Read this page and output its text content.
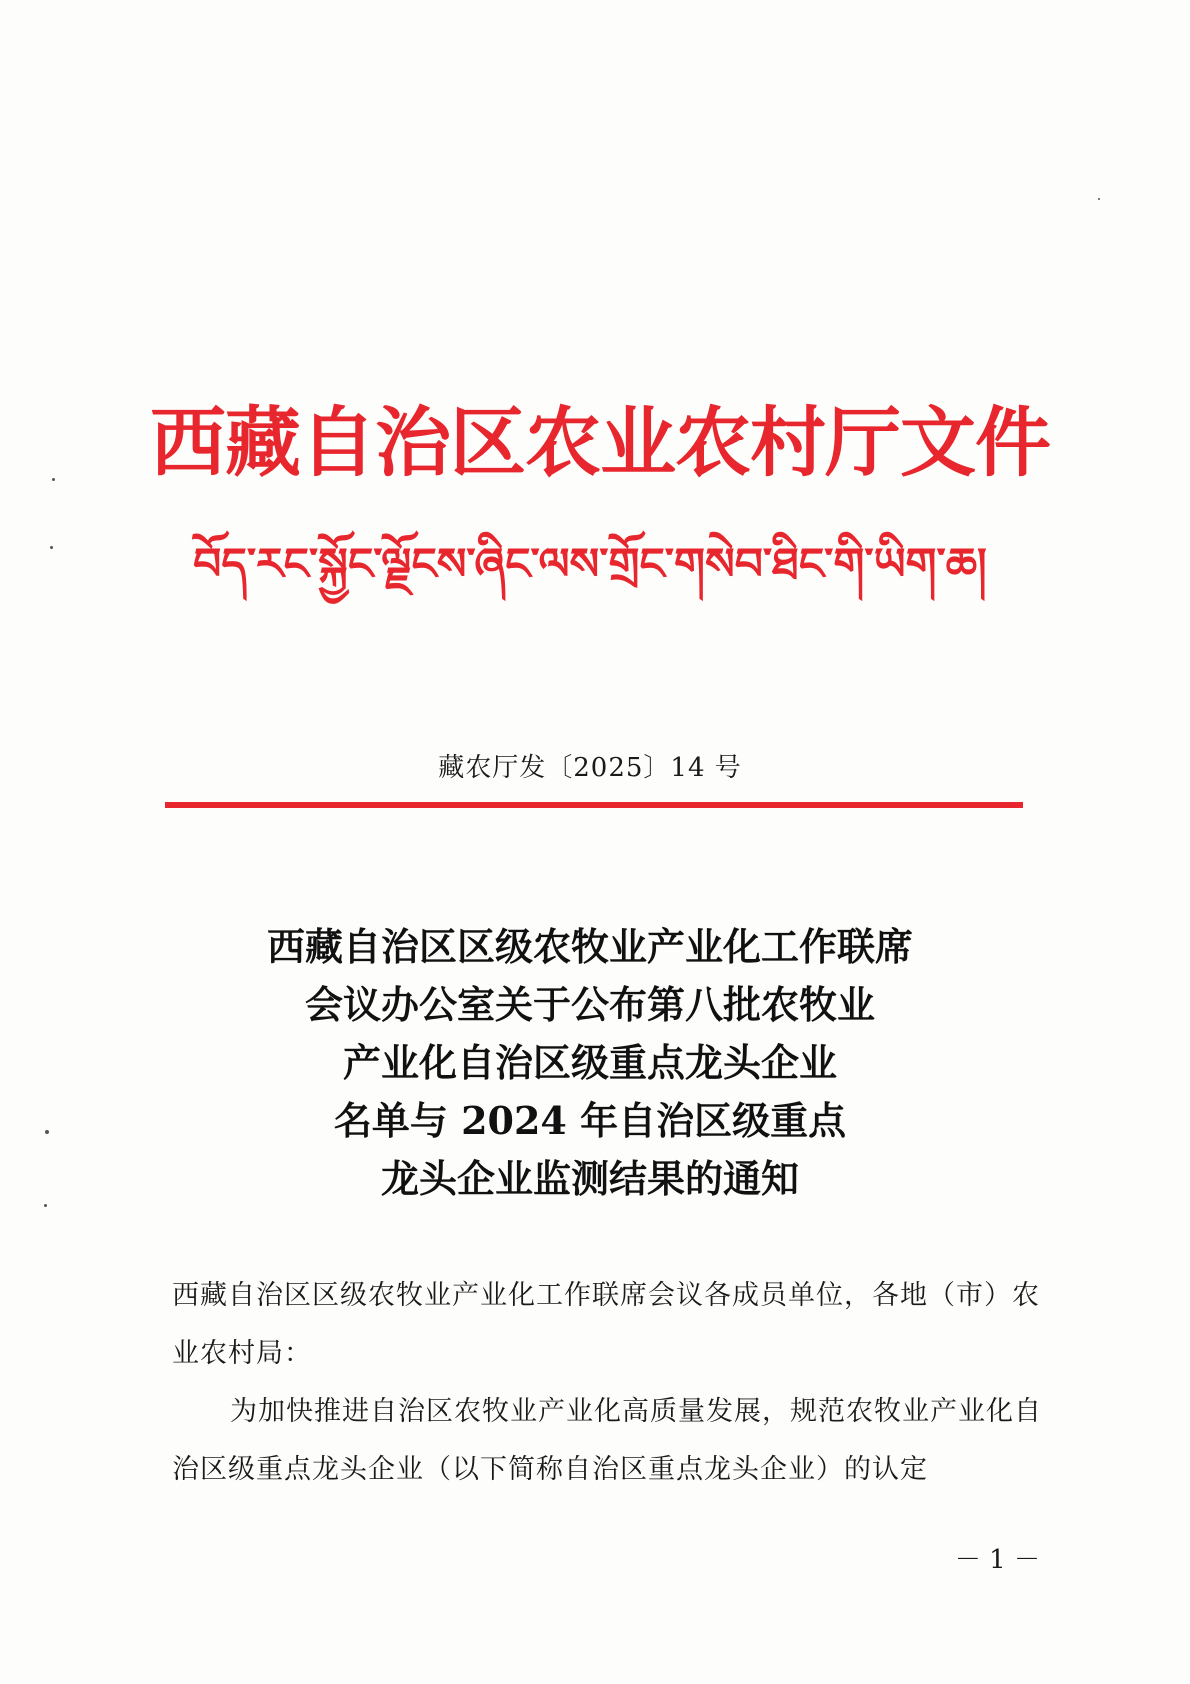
西藏自治区农业农村厅文件
བོད་རང་སྐྱོང་ལྗོངས་ཞིང་ལས་གྲོང་གསེབ་ཐིང་གི་ཡིག་ཆ།
藏农厅发〔2025〕14 号
西藏自治区区级农牧业产业化工作联席
会议办公室关于公布第八批农牧业
产业化自治区级重点龙头企业
名单与 2024 年自治区级重点
龙头企业监测结果的通知

西藏自治区区级农牧业产业化工作联席会议各成员单位，各地（市）农业农村局：

为加快推进自治区农牧业产业化高质量发展，规范农牧业产业化自治区级重点龙头企业（以下简称自治区重点龙头企业）的认定

－ 1 －
